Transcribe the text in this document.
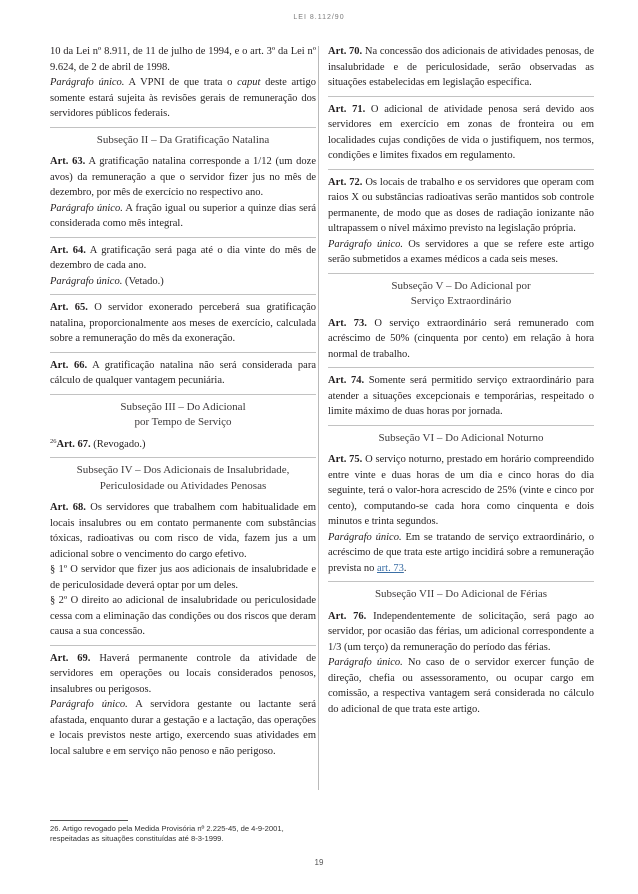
LEI 8.112/90

10 da Lei nº 8.911, de 11 de julho de 1994, e o art. 3º da Lei nº 9.624, de 2 de abril de 1998.

Parágrafo único. A VPNI de que trata o caput deste artigo somente estará sujeita às revisões gerais de remuneração dos servidores públicos federais.

Subseção II – Da Gratificação Natalina

Art. 63. A gratificação natalina corresponde a 1/12 (um doze avos) da remuneração a que o servidor fizer jus no mês de dezembro, por mês de exercício no respectivo ano.

Parágrafo único. A fração igual ou superior a quinze dias será considerada como mês integral.

Art. 64. A gratificação será paga até o dia vinte do mês de dezembro de cada ano.

Parágrafo único. (Vetado.)

Art. 65. O servidor exonerado perceberá sua gratificação natalina, proporcionalmente aos meses de exercício, calculada sobre a remuneração do mês da exoneração.

Art. 66. A gratificação natalina não será considerada para cálculo de qualquer vantagem pecuniária.

Subseção III – Do Adicional
por Tempo de Serviço

$^{26}$Art. 67. (Revogado.)

Subseção IV – Dos Adicionais de Insalubridade,
Periculosidade ou Atividades Penosas

Art. 68. Os servidores que trabalhem com habitualidade em locais insalubres ou em contato permanente com substâncias tóxicas, radioativas ou com risco de vida, fazem jus a um adicional sobre o vencimento do cargo efetivo.

§ 1º O servidor que fizer jus aos adicionais de insalubridade e de periculosidade deverá optar por um deles.

§ 2º O direito ao adicional de insalubridade ou periculosidade cessa com a eliminação das condições ou dos riscos que deram causa a sua concessão.

Art. 69. Haverá permanente controle da atividade de servidores em operações ou locais considerados penosos, insalubres ou perigosos.

Parágrafo único. A servidora gestante ou lactante será afastada, enquanto durar a gestação e a lactação, das operações e locais previstos neste artigo, exercendo suas atividades em local salubre e em serviço não penoso e não perigoso.

Art. 70. Na concessão dos adicionais de atividades penosas, de insalubridade e de periculosidade, serão observadas as situações estabelecidas em legislação específica.

Art. 71. O adicional de atividade penosa será devido aos servidores em exercício em zonas de fronteira ou em localidades cujas condições de vida o justifiquem, nos termos, condições e limites fixados em regulamento.

Art. 72. Os locais de trabalho e os servidores que operam com raios X ou substâncias radioativas serão mantidos sob controle permanente, de modo que as doses de radiação ionizante não ultrapassem o nível máximo previsto na legislação própria.

Parágrafo único. Os servidores a que se refere este artigo serão submetidos a exames médicos a cada seis meses.

Subseção V – Do Adicional por
Serviço Extraordinário

Art. 73. O serviço extraordinário será remunerado com acréscimo de 50% (cinquenta por cento) em relação à hora normal de trabalho.

Art. 74. Somente será permitido serviço extraordinário para atender a situações excepcionais e temporárias, respeitado o limite máximo de duas horas por jornada.

Subseção VI – Do Adicional Noturno

Art. 75. O serviço noturno, prestado em horário compreendido entre vinte e duas horas de um dia e cinco horas do dia seguinte, terá o valor-hora acrescido de 25% (vinte e cinco por cento), computando-se cada hora como cinquenta e dois minutos e trinta segundos.

Parágrafo único. Em se tratando de serviço extraordinário, o acréscimo de que trata este artigo incidirá sobre a remuneração prevista no art. 73.

Subseção VII – Do Adicional de Férias

Art. 76. Independentemente de solicitação, será pago ao servidor, por ocasião das férias, um adicional correspondente a 1/3 (um terço) da remuneração do período das férias.

Parágrafo único. No caso de o servidor exercer função de direção, chefia ou assessoramento, ou ocupar cargo em comissão, a respectiva vantagem será considerada no cálculo do adicional de que trata este artigo.

26. Artigo revogado pela Medida Provisória nº 2.225-45, de 4-9-2001, respeitadas as situações constituídas até 8-3-1999.
19
